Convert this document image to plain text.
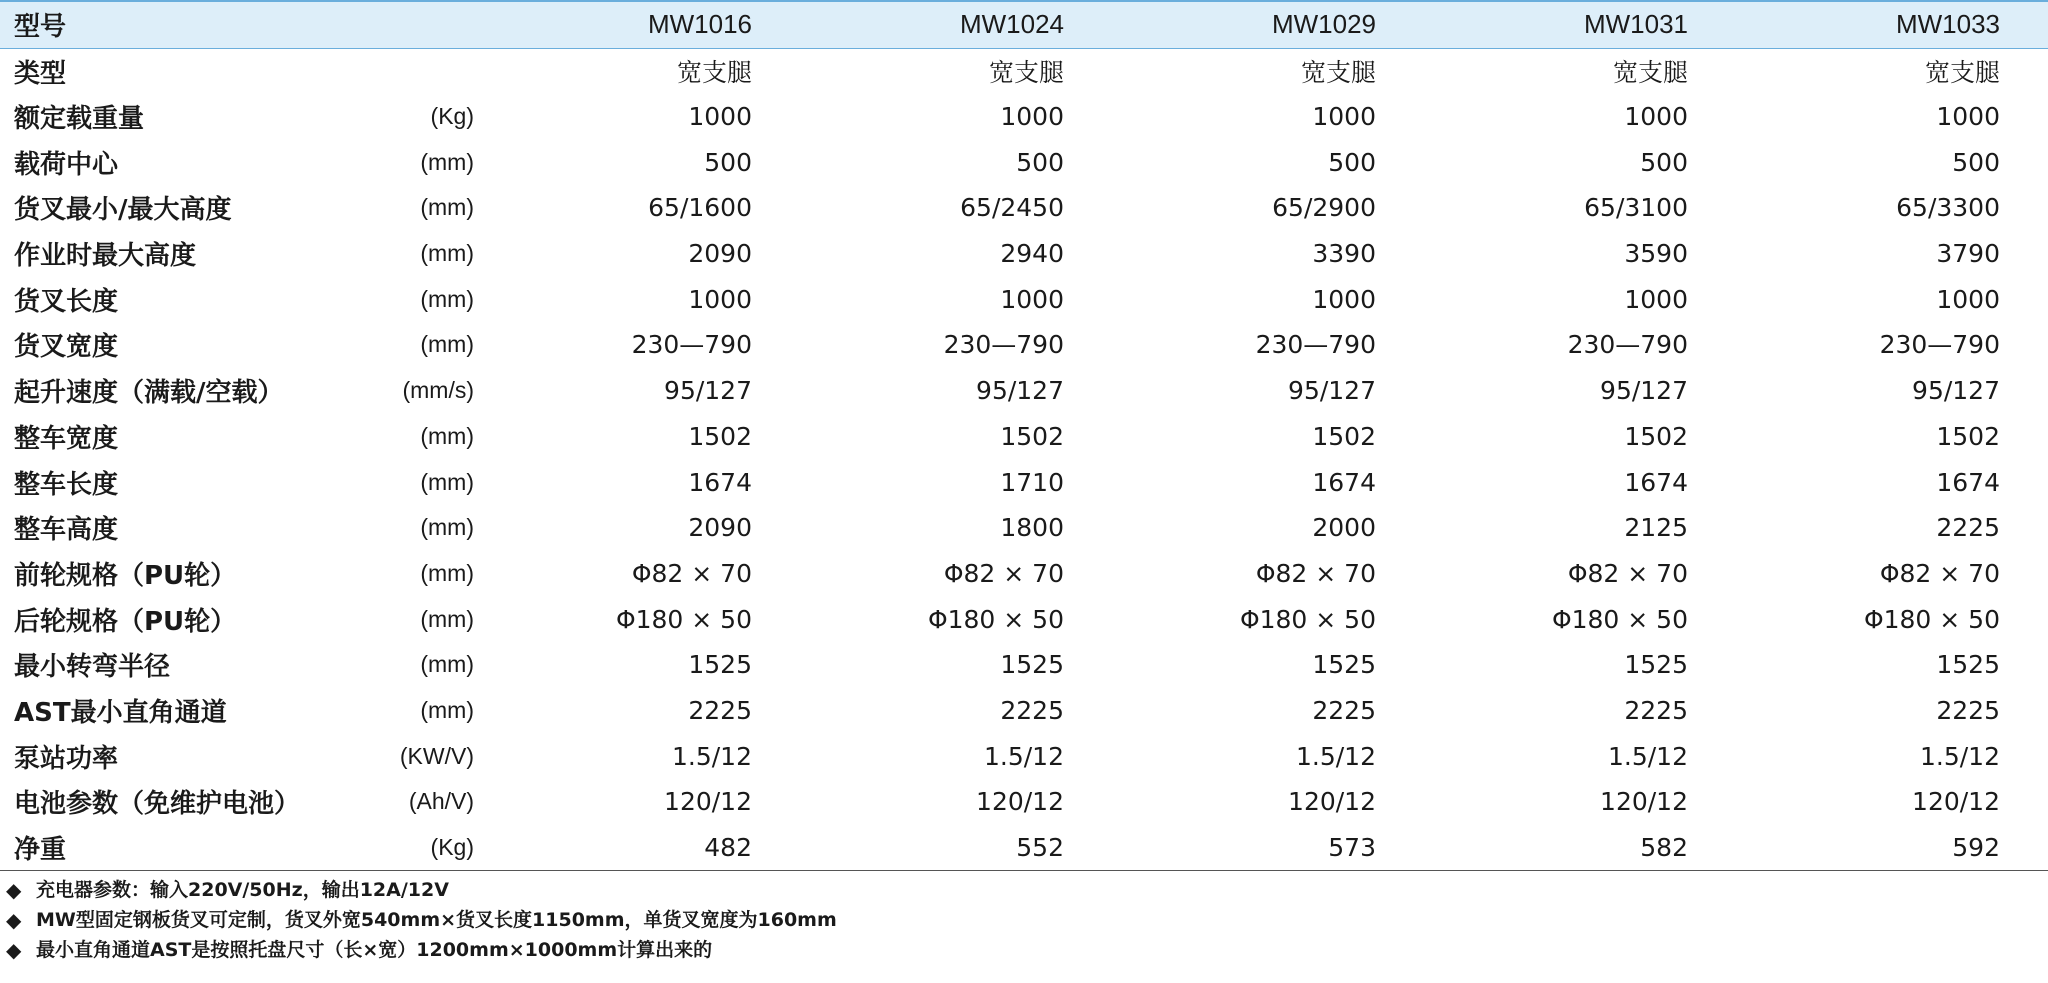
型号		MW1016	MW1024	MW1029	MW1031	MW1033
类型		宽支腿	宽支腿	宽支腿	宽支腿	宽支腿
额定载重量	(Kg)	1000	1000	1000	1000	1000
载荷中心	(mm)	500	500	500	500	500
货叉最小/最大高度	(mm)	65/1600	65/2450	65/2900	65/3100	65/3300
作业时最大高度	(mm)	2090	2940	3390	3590	3790
货叉长度	(mm)	1000	1000	1000	1000	1000
货叉宽度	(mm)	230—790	230—790	230—790	230—790	230—790
起升速度（满载/空载）	(mm/s)	95/127	95/127	95/127	95/127	95/127
整车宽度	(mm)	1502	1502	1502	1502	1502
整车长度	(mm)	1674	1710	1674	1674	1674
整车高度	(mm)	2090	1800	2000	2125	2225
前轮规格（PU轮）	(mm)	Φ82 × 70	Φ82 × 70	Φ82 × 70	Φ82 × 70	Φ82 × 70
后轮规格（PU轮）	(mm)	Φ180 × 50	Φ180 × 50	Φ180 × 50	Φ180 × 50	Φ180 × 50
最小转弯半径	(mm)	1525	1525	1525	1525	1525
AST最小直角通道	(mm)	2225	2225	2225	2225	2225
泵站功率	(KW/V)	1.5/12	1.5/12	1.5/12	1.5/12	1.5/12
电池参数（免维护电池）	(Ah/V)	120/12	120/12	120/12	120/12	120/12
净重	(Kg)	482	552	573	582	592
◆ 充电器参数：输入220V/50Hz，输出12A/12V
◆ MW型固定钢板货叉可定制，货叉外宽540mm×货叉长度1150mm，单货叉宽度为160mm
◆ 最小直角通道AST是按照托盘尺寸（长×宽）1200mm×1000mm计算出来的
